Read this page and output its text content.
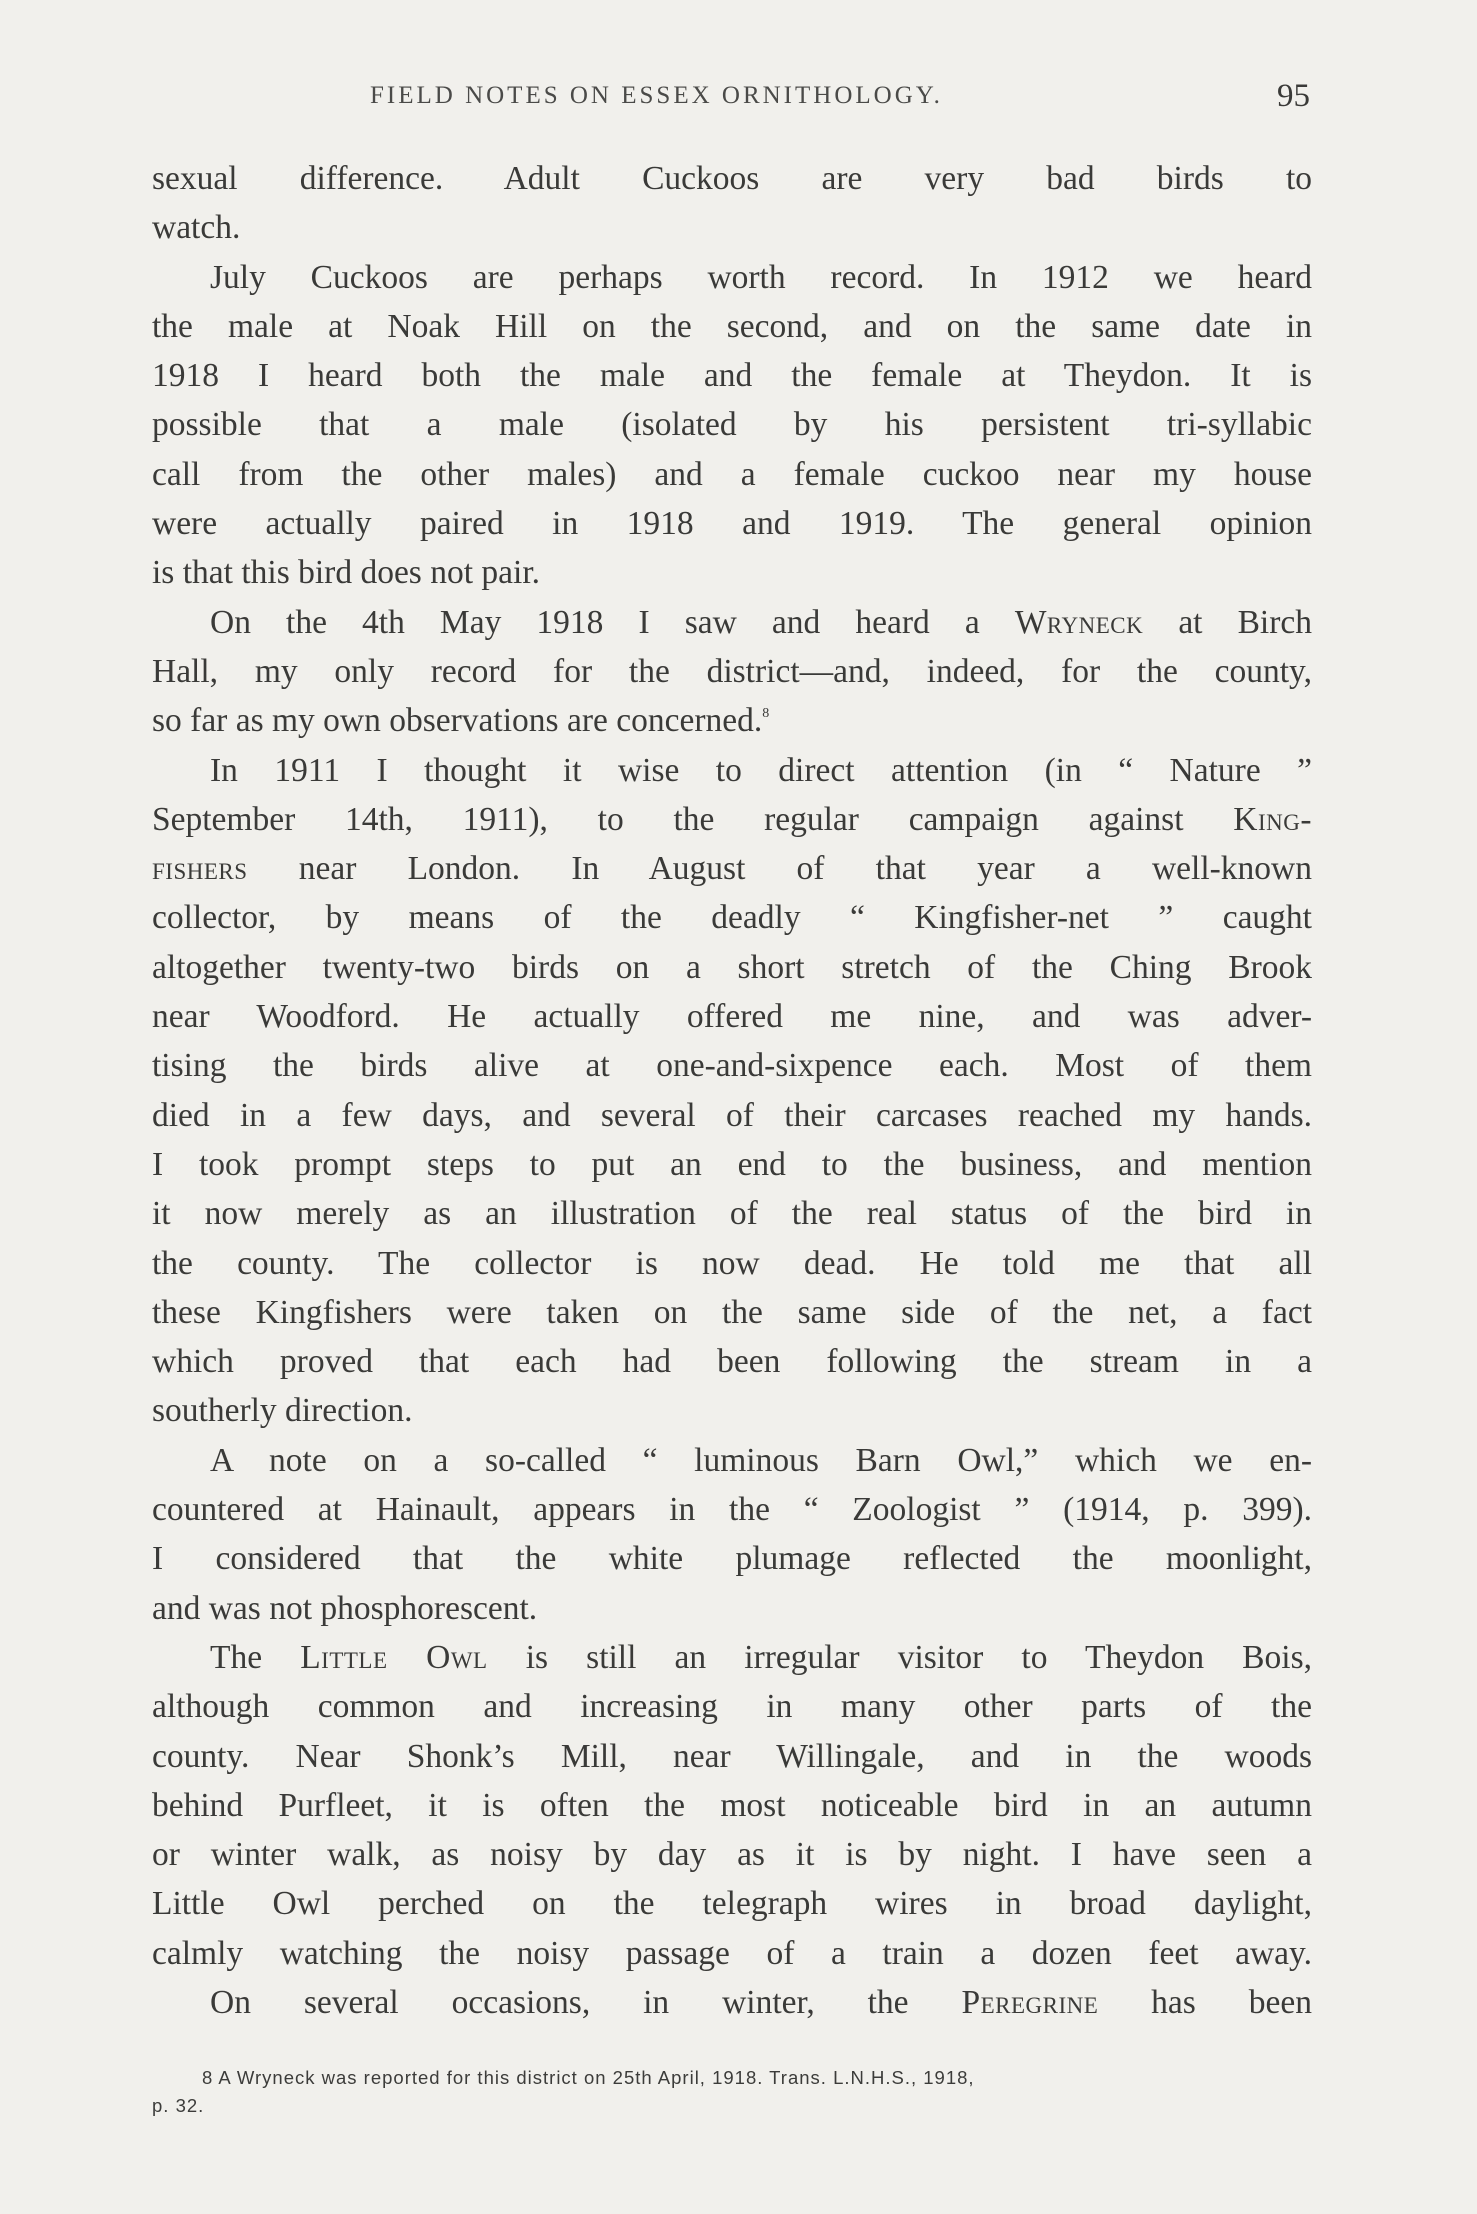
FIELD NOTES ON ESSEX ORNITHOLOGY.	95
sexual difference. Adult Cuckoos are very bad birds to
watch.
July Cuckoos are perhaps worth record. In 1912 we heard
the male at Noak Hill on the second, and on the same date in
1918 I heard both the male and the female at Theydon. It is
possible that a male (isolated by his persistent tri-syllabic
call from the other males) and a female cuckoo near my house
were actually paired in 1918 and 1919. The general opinion
is that this bird does not pair.
On the 4th May 1918 I saw and heard a Wryneck at Birch
Hall, my only record for the district—and, indeed, for the county,
so far as my own observations are concerned.$^8$
In 1911 I thought it wise to direct attention (in “ Nature ”
September 14th, 1911), to the regular campaign against King-
fishers near London. In August of that year a well-known
collector, by means of the deadly “ Kingfisher-net ” caught
altogether twenty-two birds on a short stretch of the Ching Brook
near Woodford. He actually offered me nine, and was adver-
tising the birds alive at one-and-sixpence each. Most of them
died in a few days, and several of their carcases reached my hands.
I took prompt steps to put an end to the business, and mention
it now merely as an illustration of the real status of the bird in
the county. The collector is now dead. He told me that all
these Kingfishers were taken on the same side of the net, a fact
which proved that each had been following the stream in a
southerly direction.
A note on a so-called “ luminous Barn Owl,” which we en-
countered at Hainault, appears in the “ Zoologist ” (1914, p. 399).
I considered that the white plumage reflected the moonlight,
and was not phosphorescent.
The Little Owl is still an irregular visitor to Theydon Bois,
although common and increasing in many other parts of the
county. Near Shonk’s Mill, near Willingale, and in the woods
behind Purfleet, it is often the most noticeable bird in an autumn
or winter walk, as noisy by day as it is by night. I have seen a
Little Owl perched on the telegraph wires in broad daylight,
calmly watching the noisy passage of a train a dozen feet away.
On several occasions, in winter, the Peregrine has been
8 A Wryneck was reported for this district on 25th April, 1918. Trans. L.N.H.S., 1918,
p. 32.
